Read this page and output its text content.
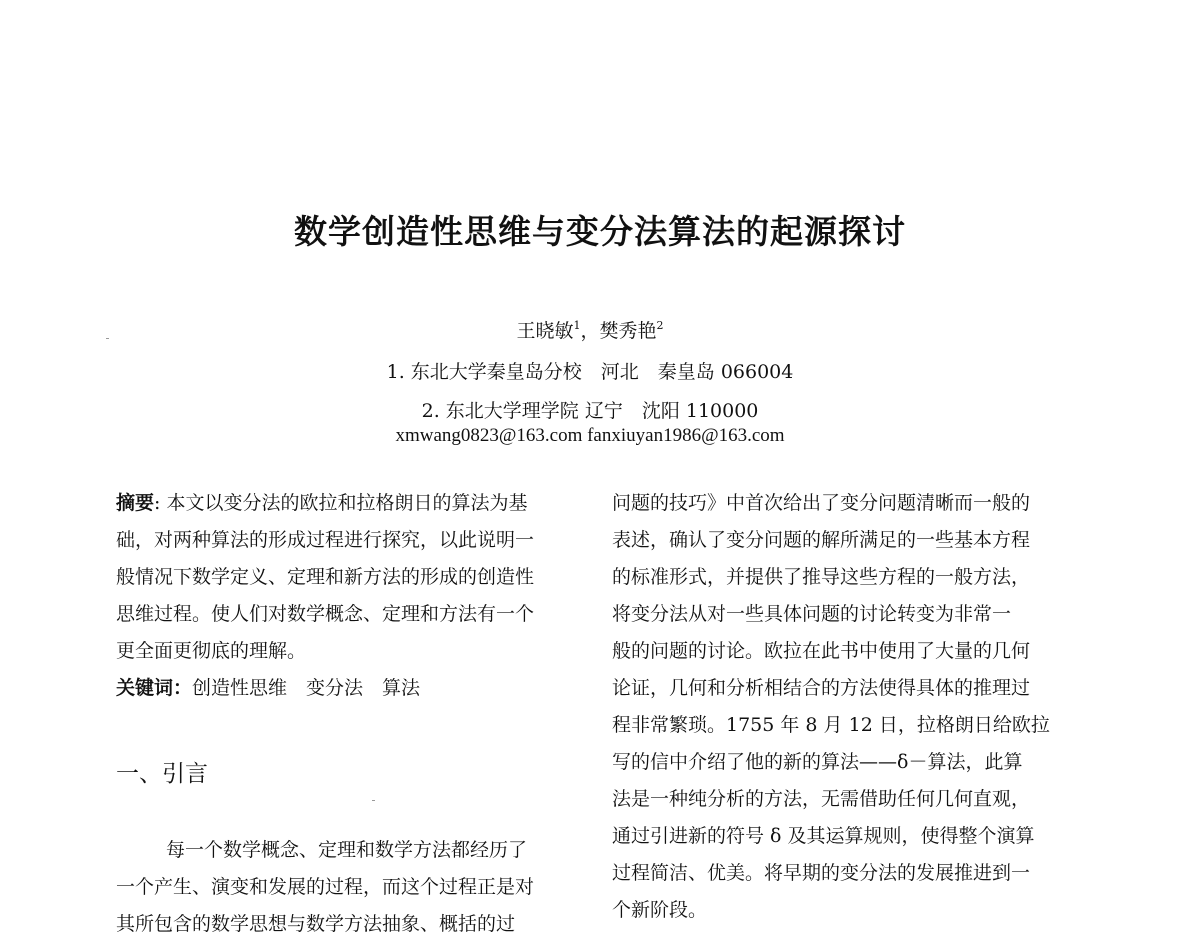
数学创造性思维与变分法算法的起源探讨
王晓敏$^1$，樊秀艳$^2$
1. 东北大学秦皇岛分校　河北　秦皇岛 066004
2. 东北大学理学院 辽宁　沈阳 110000
xmwang0823@163.com fanxiuyan1986@163.com
摘要: 本文以变分法的欧拉和拉格朗日的算法为基
础，对两种算法的形成过程进行探究，以此说明一
般情况下数学定义、定理和新方法的形成的创造性
思维过程。使人们对数学概念、定理和方法有一个
更全面更彻底的理解。
关键词：创造性思维　变分法　算法
一、引言
每一个数学概念、定理和数学方法都经历了
一个产生、演变和发展的过程，而这个过程正是对
其所包含的数学思想与数学方法抽象、概括的过
问题的技巧》中首次给出了变分问题清晰而一般的
表述，确认了变分问题的解所满足的一些基本方程
的标准形式，并提供了推导这些方程的一般方法，
将变分法从对一些具体问题的讨论转变为非常一
般的问题的讨论。欧拉在此书中使用了大量的几何
论证，几何和分析相结合的方法使得具体的推理过
程非常繁琐。1755 年 8 月 12 日，拉格朗日给欧拉
写的信中介绍了他的新的算法——δ－算法，此算
法是一种纯分析的方法，无需借助任何几何直观，
通过引进新的符号 δ 及其运算规则，使得整个演算
过程简洁、优美。将早期的变分法的发展推进到一
个新阶段。
